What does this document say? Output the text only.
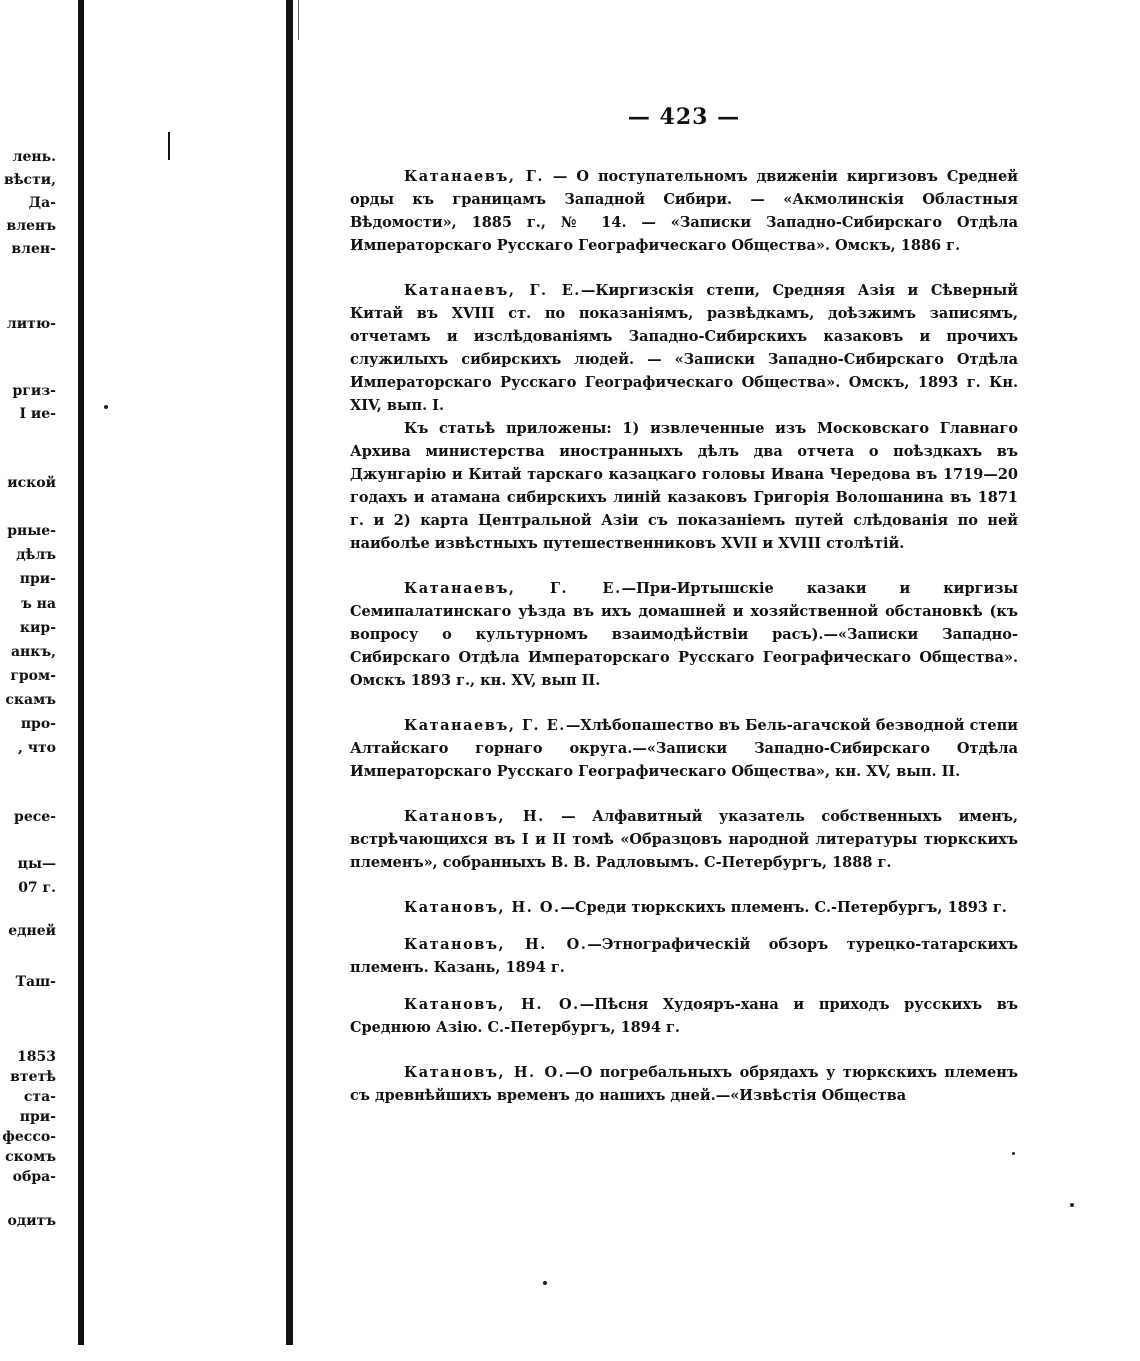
лень.
вѣсти,
Да-
вленъ
влен-
литю-
ргиз-
I ие-
иской
рные-
дѣлъ
при-
ъ на
кир-
анкъ,
гром-
скамъ
про-
, что
ресе-
цы—
07 г.
едней
Таш-
1853
втетѣ
ста-
при-
фессо-
скомъ
обра-
одитъ
— 423 —

Катанаевъ, Г. — О поступательномъ движеніи киргизовъ Средней орды къ границамъ Западной Сибири. — «Акмолинскія Областныя Вѣдомости», 1885 г., № 14. — «Записки Западно-Сибирскаго Отдѣла Императорскаго Русскаго Географическаго Общества». Омскъ, 1886 г.

Катанаевъ, Г. Е.—Киргизскія степи, Средняя Азія и Сѣверный Китай въ XVIII ст. по показаніямъ, развѣдкамъ, доѣзжимъ записямъ, отчетамъ и изслѣдованіямъ Западно-Сибирскихъ казаковъ и прочихъ служилыхъ сибирскихъ людей. — «Записки Западно-Сибирскаго Отдѣла Императорскаго Русскаго Географическаго Общества». Омскъ, 1893 г. Кн. XIV, вып. I.

Къ статьѣ приложены: 1) извлеченные изъ Московскаго Главнаго Архива министерства иностранныхъ дѣлъ два отчета о поѣздкахъ въ Джунгарію и Китай тарскаго казацкаго головы Ивана Чередова въ 1719—20 годахъ и атамана сибирскихъ линій казаковъ Григорія Волошанина въ 1871 г. и 2) карта Центральной Азіи съ показаніемъ путей слѣдованія по ней наиболѣе извѣстныхъ путешественниковъ XVII и XVIII столѣтій.

Катанаевъ, Г. Е.—При-Иртышскіе казаки и киргизы Семипалатинскаго уѣзда въ ихъ домашней и хозяйственной обстановкѣ (къ вопросу о культурномъ взаимодѣйствіи расъ).—«Записки Западно-Сибирскаго Отдѣла Императорскаго Русскаго Географическаго Общества». Омскъ 1893 г., кн. XV, вып II.

Катанаевъ, Г. Е.—Хлѣбопашество въ Бель-агачской безводной степи Алтайскаго горнаго округа.—«Записки Западно-Сибирскаго Отдѣла Императорскаго Русскаго Географическаго Общества», кн. XV, вып. II.

Катановъ, Н. — Алфавитный указатель собственныхъ именъ, встрѣчающихся въ I и II томѣ «Образцовъ народной литературы тюркскихъ племенъ», собранныхъ В. В. Радловымъ. С-Петербургъ, 1888 г.

Катановъ, Н. О.—Среди тюркскихъ племенъ. С.-Петербургъ, 1893 г.

Катановъ, Н. О.—Этнографическій обзоръ турецко-татарскихъ племенъ. Казань, 1894 г.

Катановъ, Н. О.—Пѣсня Худояръ-хана и приходъ русскихъ въ Среднюю Азію. С.-Петербургъ, 1894 г.

Катановъ, Н. О.—О погребальныхъ обрядахъ у тюркскихъ племенъ съ древнѣйшихъ временъ до нашихъ дней.—«Извѣстія Общества
